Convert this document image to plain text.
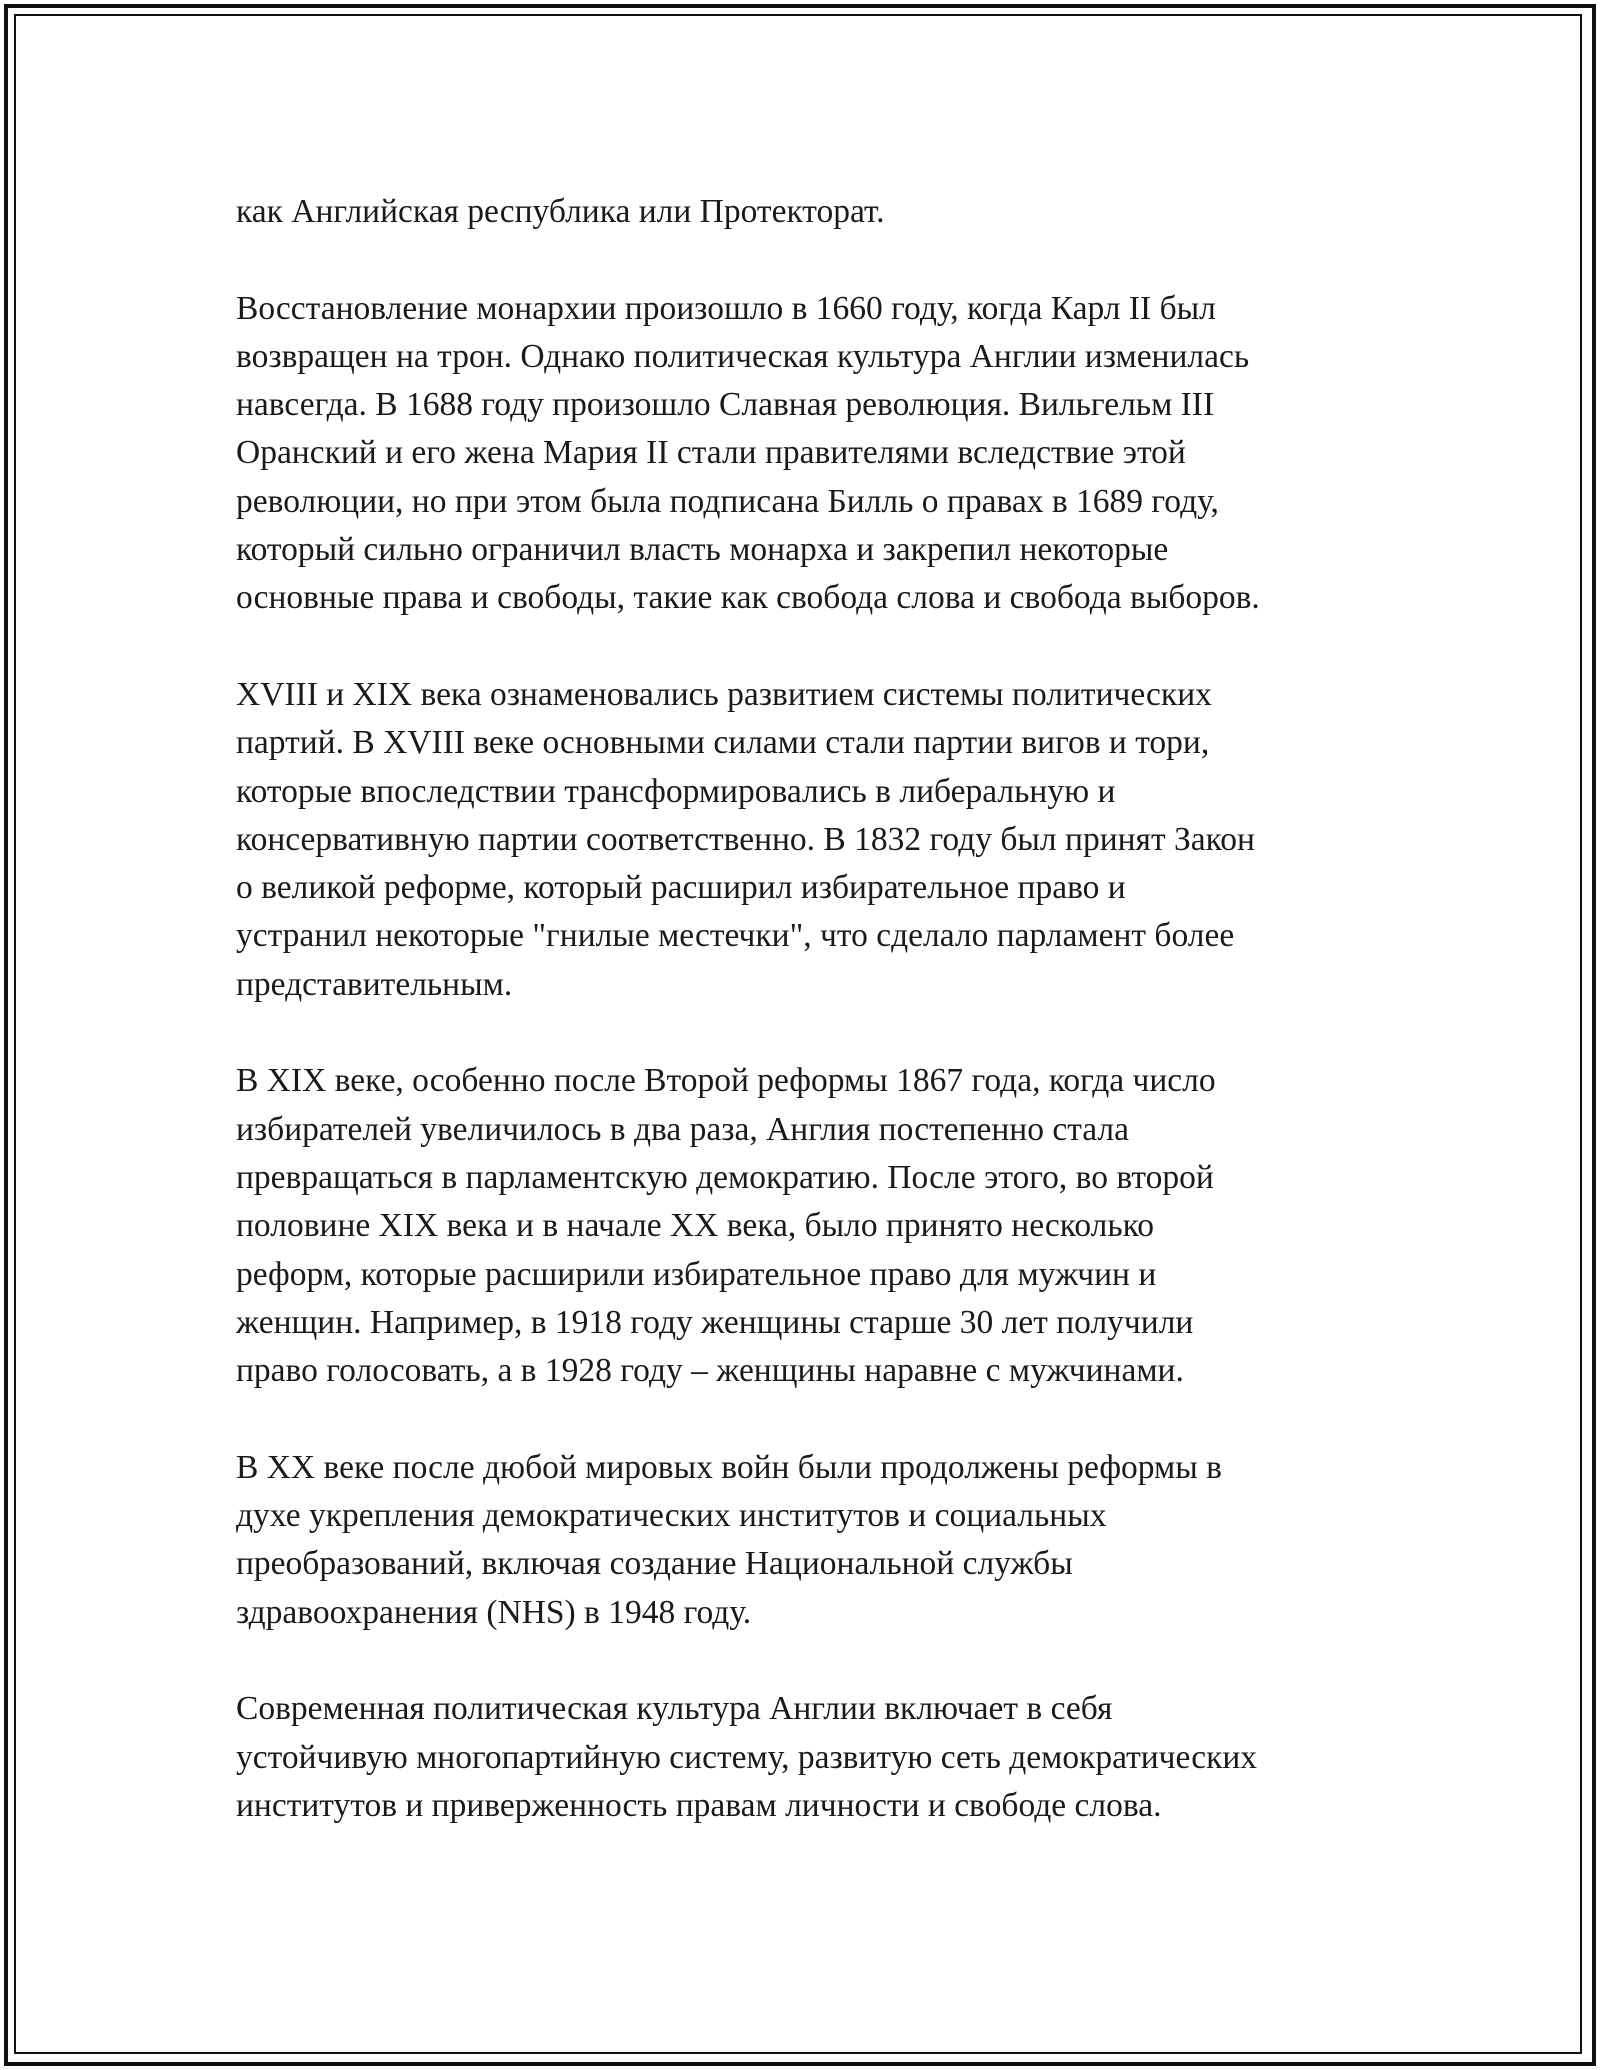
как Английская республика или Протекторат.

Восстановление монархии произошло в 1660 году, когда Карл II был
возвращен на трон. Однако политическая культура Англии изменилась
навсегда. В 1688 году произошло Славная революция. Вильгельм III
Оранский и его жена Мария II стали правителями вследствие этой
революции, но при этом была подписана Билль о правах в 1689 году,
который сильно ограничил власть монарха и закрепил некоторые
основные права и свободы, такие как свобода слова и свобода выборов.

XVIII и XIX века ознаменовались развитием системы политических
партий. В XVIII веке основными силами стали партии вигов и тори,
которые впоследствии трансформировались в либеральную и
консервативную партии соответственно. В 1832 году был принят Закон
о великой реформе, который расширил избирательное право и
устранил некоторые "гнилые местечки", что сделало парламент более
представительным.

В XIX веке, особенно после Второй реформы 1867 года, когда число
избирателей увеличилось в два раза, Англия постепенно стала
превращаться в парламентскую демократию. После этого, во второй
половине XIX века и в начале XX века, было принято несколько
реформ, которые расширили избирательное право для мужчин и
женщин. Например, в 1918 году женщины старше 30 лет получили
право голосовать, а в 1928 году – женщины наравне с мужчинами.

В XX веке после дюбой мировых войн были продолжены реформы в
духе укрепления демократических институтов и социальных
преобразований, включая создание Национальной службы
здравоохранения (NHS) в 1948 году.

Современная политическая культура Англии включает в себя
устойчивую многопартийную систему, развитую сеть демократических
институтов и приверженность правам личности и свободе слова.
